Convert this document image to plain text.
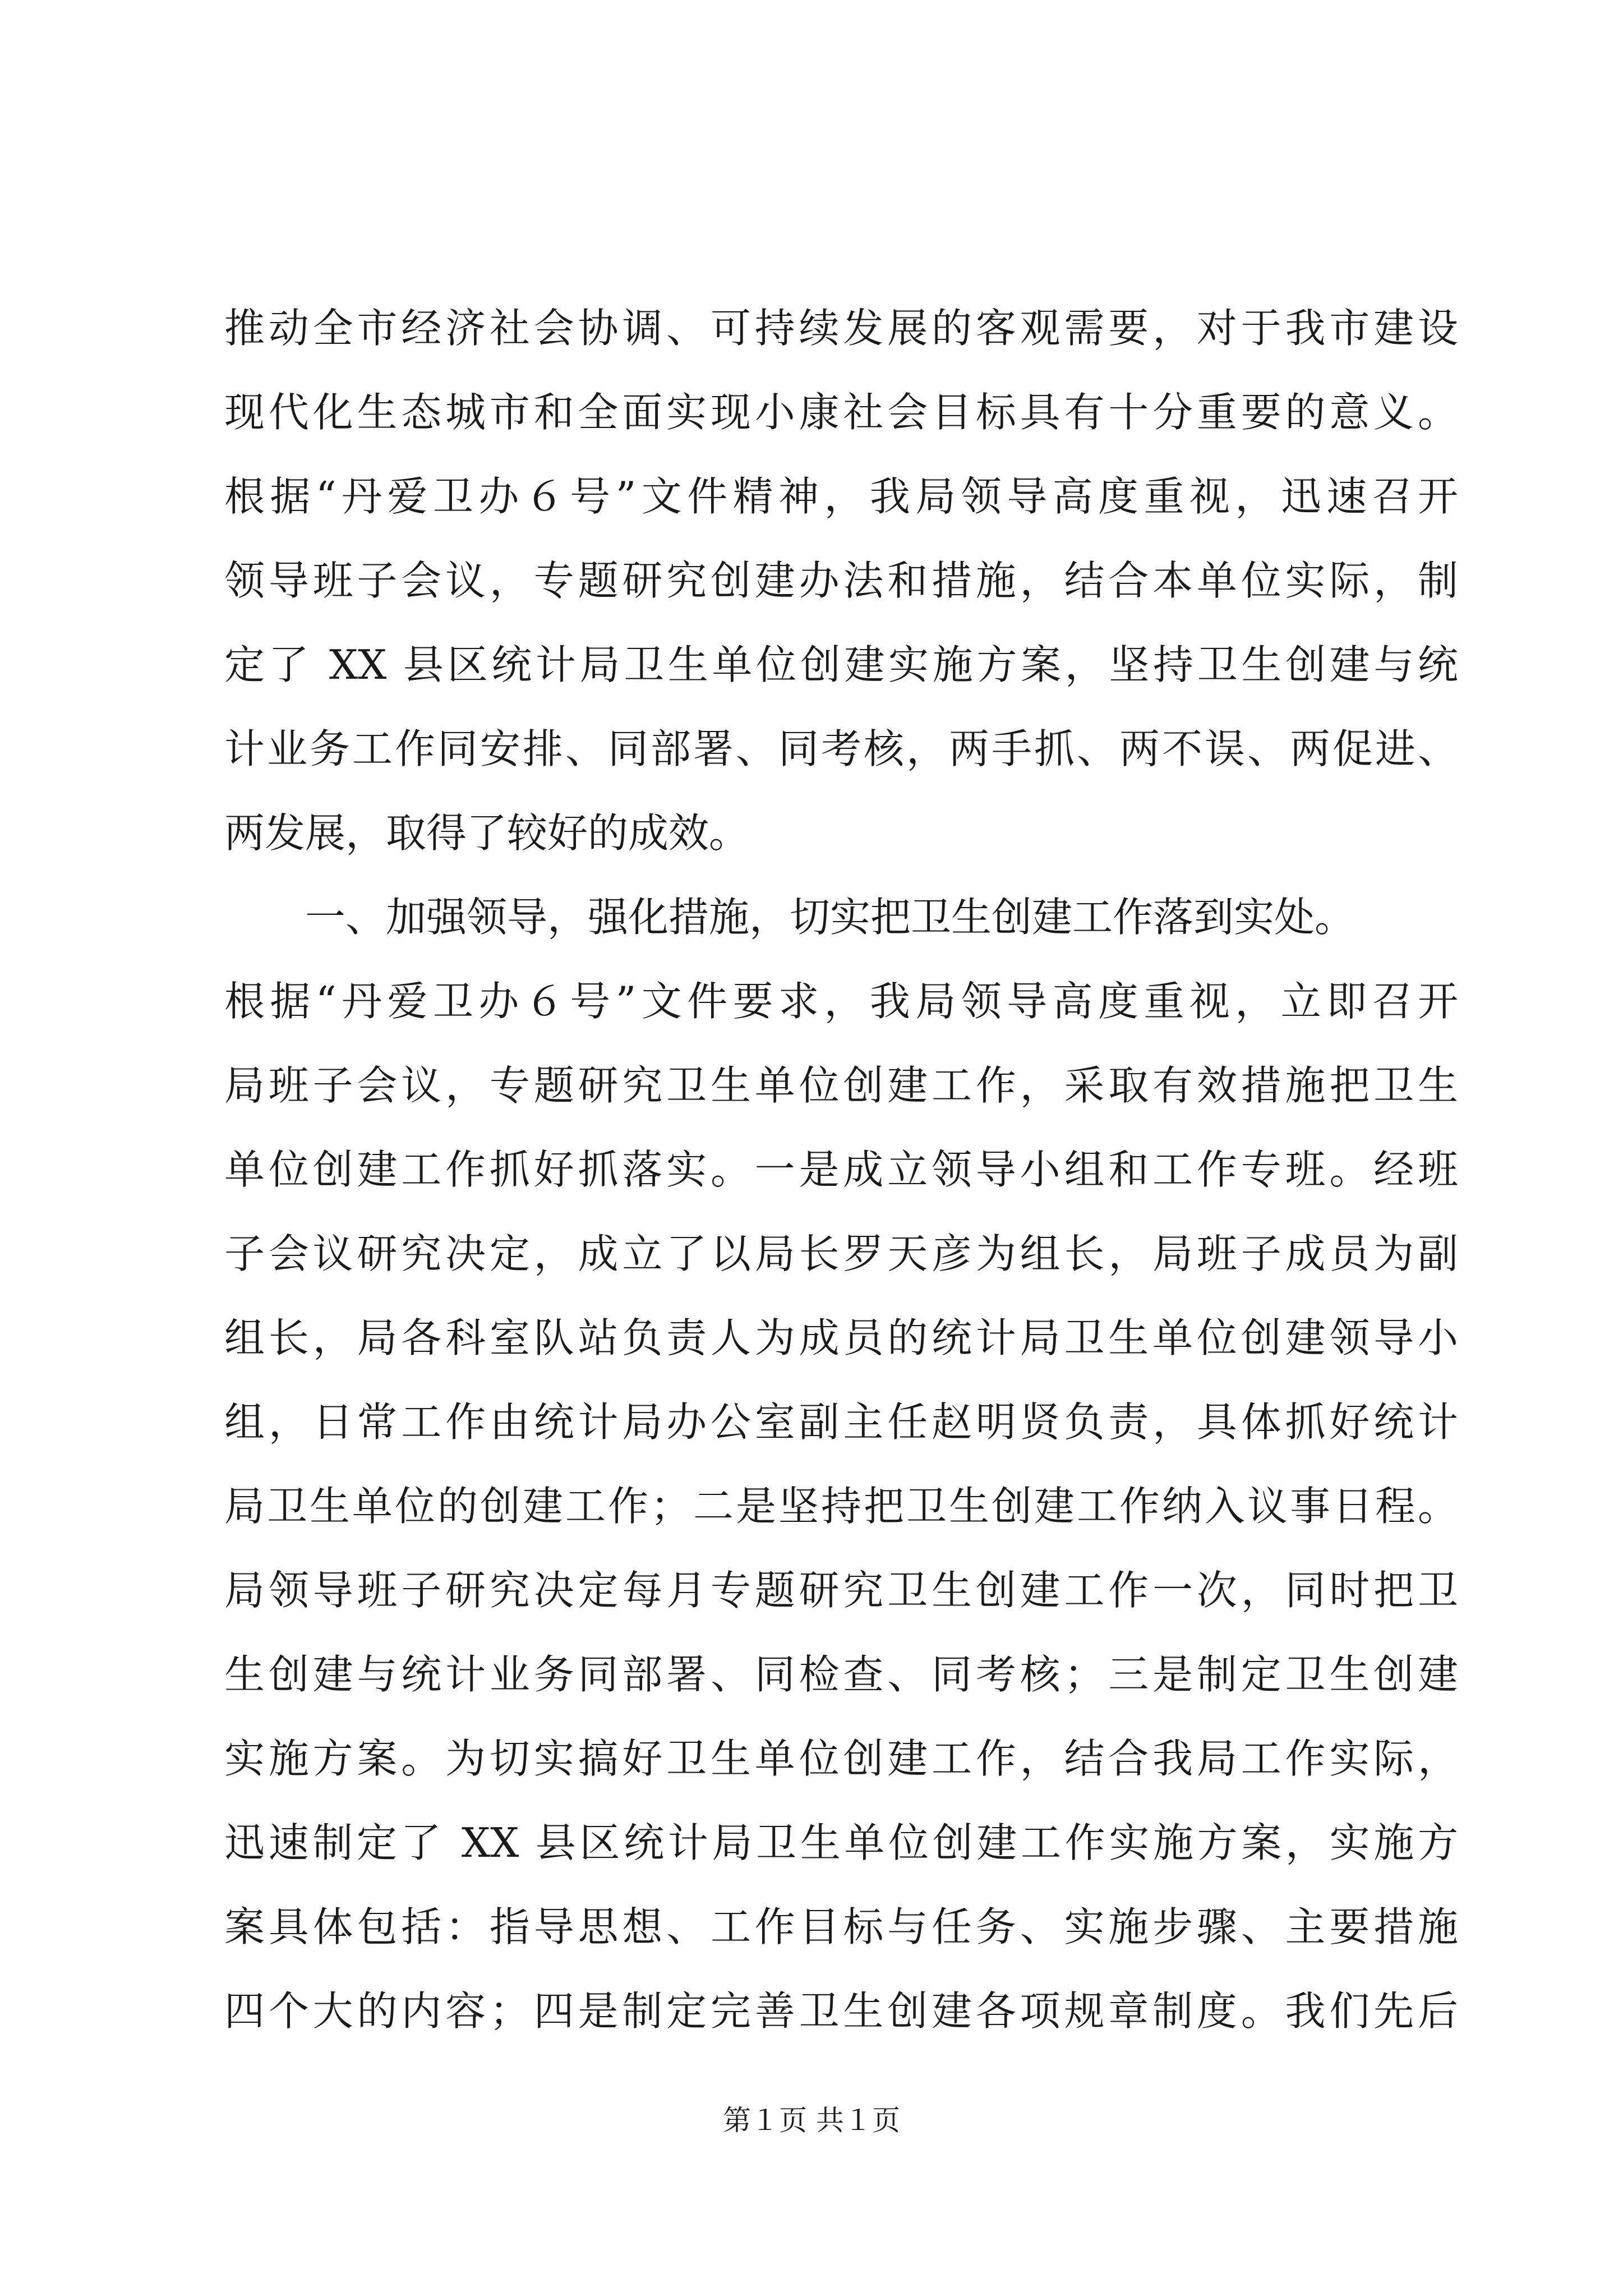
推动全市经济社会协调、可持续发展的客观需要，对于我市建设
现代化生态城市和全面实现小康社会目标具有十分重要的意义。
根据“丹爱卫办６号”文件精神，我局领导高度重视，迅速召开
领导班子会议，专题研究创建办法和措施，结合本单位实际，制
定了 XX 县区统计局卫生单位创建实施方案，坚持卫生创建与统
计业务工作同安排、同部署、同考核，两手抓、两不误、两促进、
两发展，取得了较好的成效。
一、加强领导，强化措施，切实把卫生创建工作落到实处。
根据“丹爱卫办６号”文件要求，我局领导高度重视，立即召开
局班子会议，专题研究卫生单位创建工作，采取有效措施把卫生
单位创建工作抓好抓落实。一是成立领导小组和工作专班。经班
子会议研究决定，成立了以局长罗天彦为组长，局班子成员为副
组长，局各科室队站负责人为成员的统计局卫生单位创建领导小
组，日常工作由统计局办公室副主任赵明贤负责，具体抓好统计
局卫生单位的创建工作；二是坚持把卫生创建工作纳入议事日程。
局领导班子研究决定每月专题研究卫生创建工作一次，同时把卫
生创建与统计业务同部署、同检查、同考核；三是制定卫生创建
实施方案。为切实搞好卫生单位创建工作，结合我局工作实际，
迅速制定了 XX 县区统计局卫生单位创建工作实施方案，实施方
案具体包括：指导思想、工作目标与任务、实施步骤、主要措施
四个大的内容；四是制定完善卫生创建各项规章制度。我们先后
第１页 共１页
